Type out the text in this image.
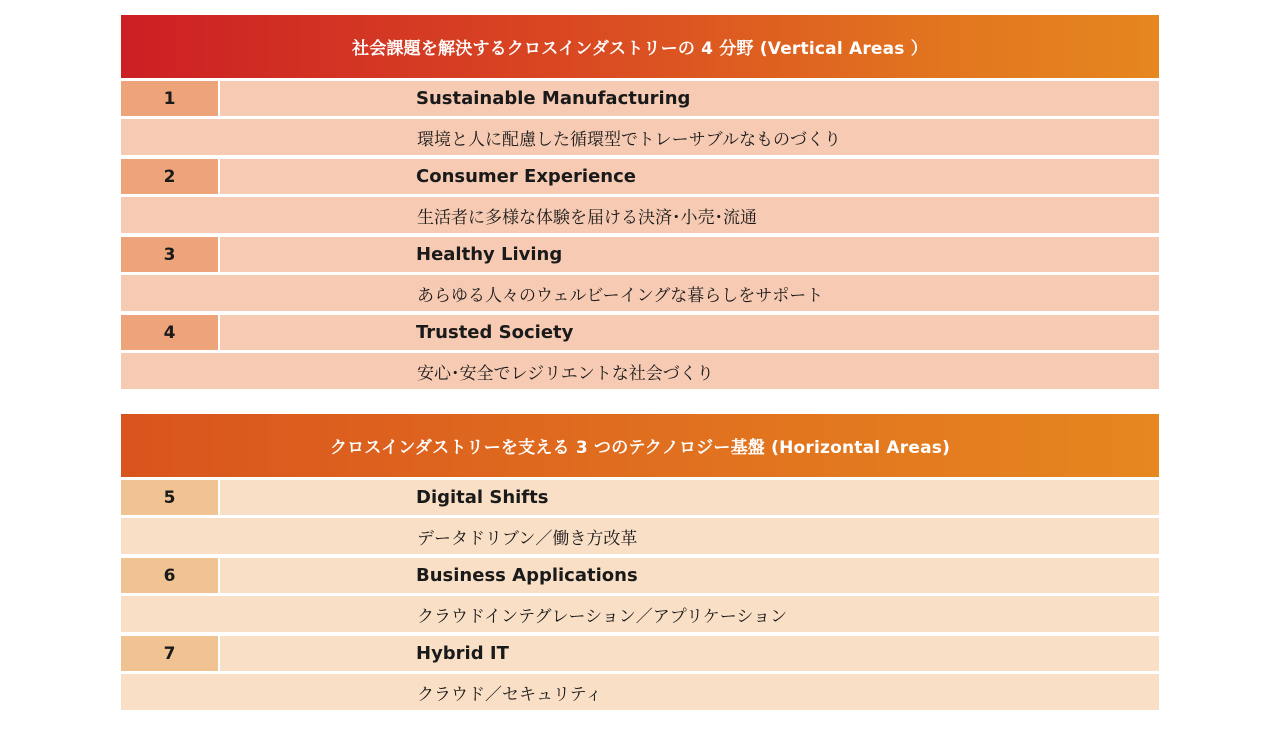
社会課題を解決するクロスインダストリーの 4 分野 (Vertical Areas ）
1	Sustainable Manufacturing
環境と人に配慮した循環型でトレーサブルなものづくり
2	Consumer Experience
生活者に多様な体験を届ける決済･小売･流通
3	Healthy Living
あらゆる人々のウェルビーイングな暮らしをサポート
4	Trusted Society
安心･安全でレジリエントな社会づくり
クロスインダストリーを支える 3 つのテクノロジー基盤 (Horizontal Areas)
5	Digital Shifts
データドリブン／働き方改革
6	Business Applications
クラウドインテグレーション／アプリケーション
7	Hybrid IT
クラウド／セキュリティ
